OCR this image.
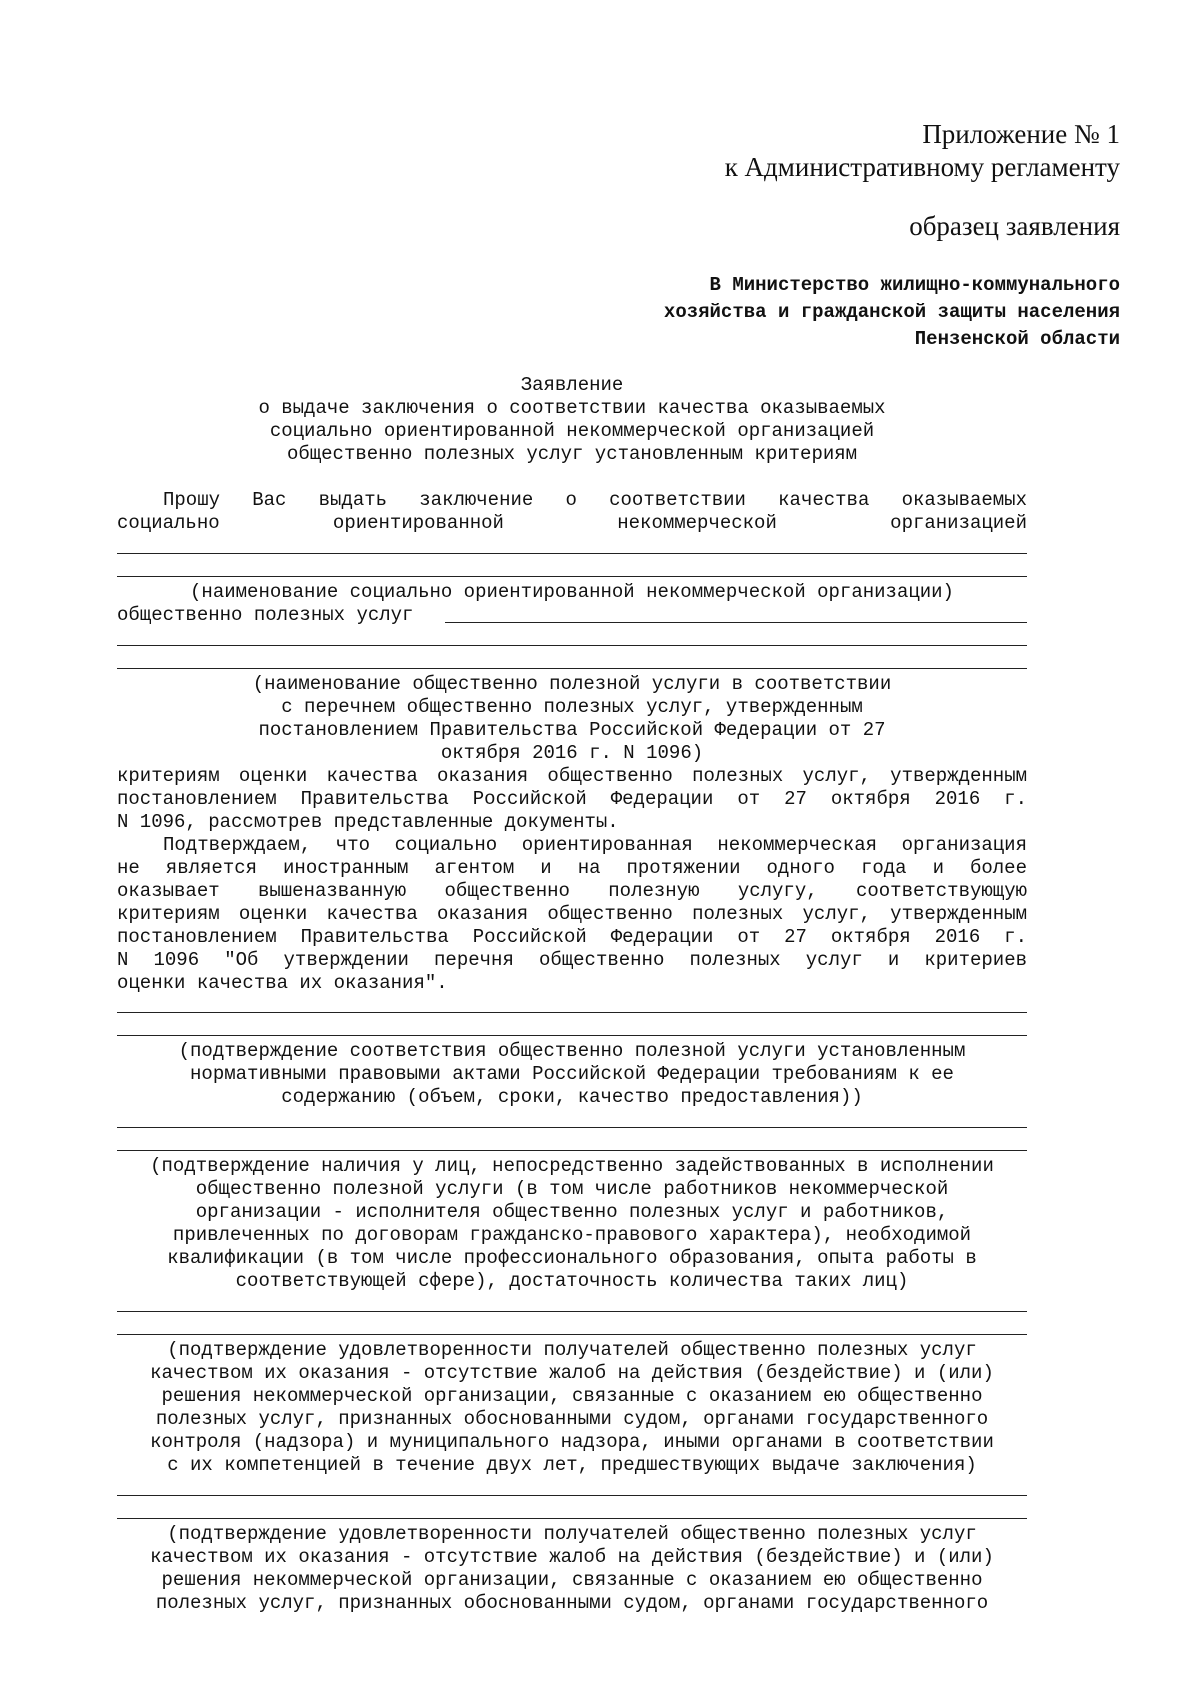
Приложение № 1
к Административному регламенту
образец заявления
В Министерство жилищно-коммунального
хозяйства и гражданской защиты населения
Пензенской области
Заявление
о выдаче заключения о соответствии качества оказываемых
социально ориентированной некоммерческой организацией
общественно полезных услуг установленным критериям
Прошу Вас выдать заключение о соответствии качества оказываемых
социально ориентированной некоммерческой организацией
(наименование социально ориентированной некоммерческой организации)
общественно полезных услуг
(наименование общественно полезной услуги в соответствии
с перечнем общественно полезных услуг, утвержденным
постановлением Правительства Российской Федерации от 27
октября 2016 г. N 1096)
критериям оценки качества оказания общественно полезных услуг, утвержденным
постановлением Правительства Российской Федерации от 27 октября 2016 г.
N 1096, рассмотрев представленные документы.
Подтверждаем, что социально ориентированная некоммерческая организация
не является иностранным агентом и на протяжении одного года и более
оказывает вышеназванную общественно полезную услугу, соответствующую
критериям оценки качества оказания общественно полезных услуг, утвержденным
постановлением Правительства Российской Федерации от 27 октября 2016 г.
N 1096 "Об утверждении перечня общественно полезных услуг и критериев
оценки качества их оказания".
(подтверждение соответствия общественно полезной услуги установленным
нормативными правовыми актами Российской Федерации требованиям к ее
содержанию (объем, сроки, качество предоставления))
(подтверждение наличия у лиц, непосредственно задействованных в исполнении
общественно полезной услуги (в том числе работников некоммерческой
организации - исполнителя общественно полезных услуг и работников,
привлеченных по договорам гражданско-правового характера), необходимой
квалификации (в том числе профессионального образования, опыта работы в
соответствующей сфере), достаточность количества таких лиц)
(подтверждение удовлетворенности получателей общественно полезных услуг
качеством их оказания - отсутствие жалоб на действия (бездействие) и (или)
решения некоммерческой организации, связанные с оказанием ею общественно
полезных услуг, признанных обоснованными судом, органами государственного
контроля (надзора) и муниципального надзора, иными органами в соответствии
с их компетенцией в течение двух лет, предшествующих выдаче заключения)
(подтверждение удовлетворенности получателей общественно полезных услуг
качеством их оказания - отсутствие жалоб на действия (бездействие) и (или)
решения некоммерческой организации, связанные с оказанием ею общественно
полезных услуг, признанных обоснованными судом, органами государственного
